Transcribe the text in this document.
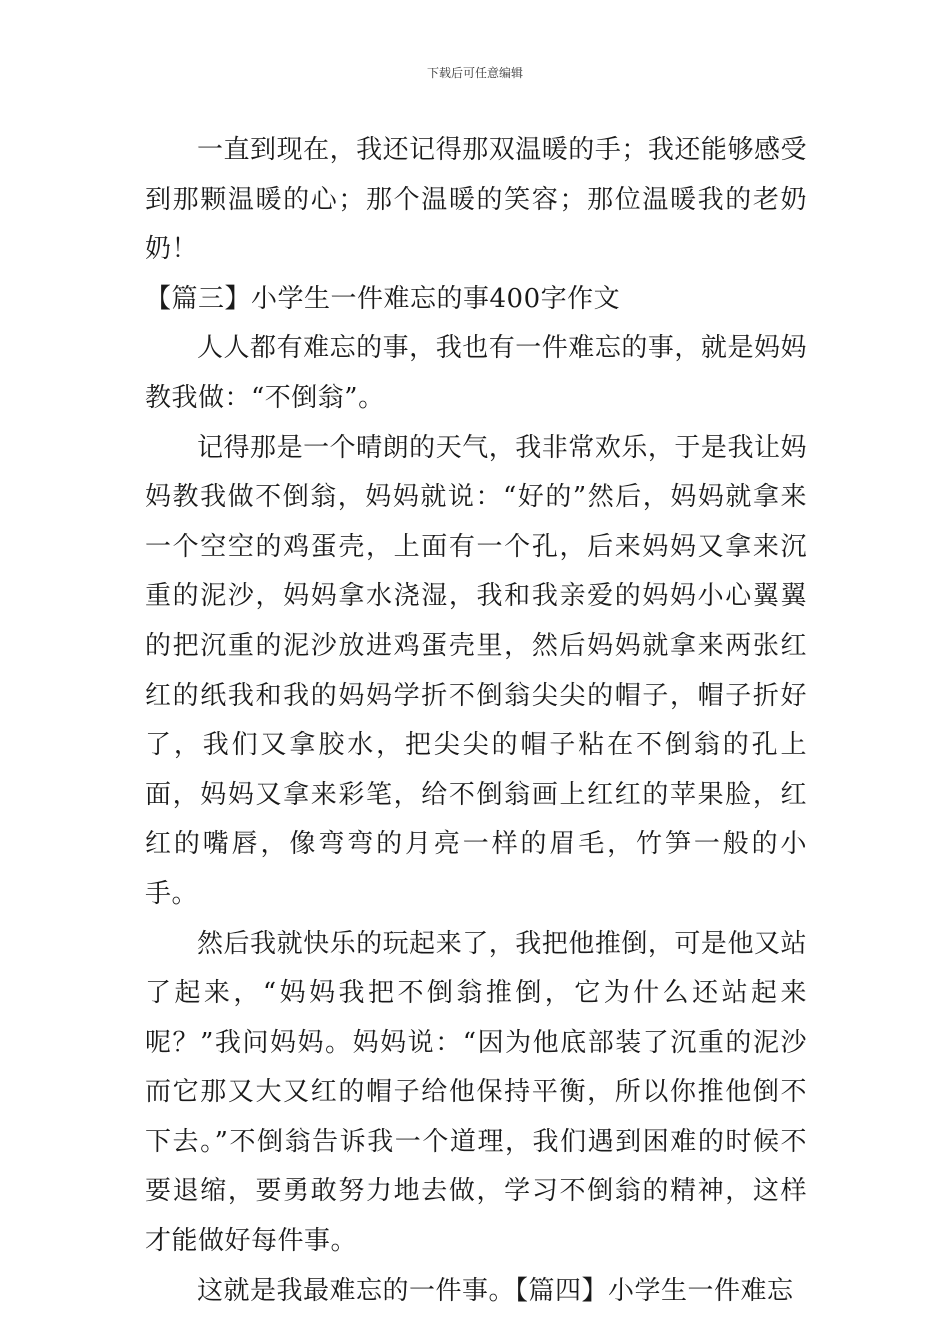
下载后可任意编辑

一直到现在，我还记得那双温暖的手；我还能够感受到那颗温暖的心；那个温暖的笑容；那位温暖我的老奶奶！

【篇三】小学生一件难忘的事400字作文

人人都有难忘的事，我也有一件难忘的事，就是妈妈教我做：“不倒翁”。

记得那是一个晴朗的天气，我非常欢乐，于是我让妈妈教我做不倒翁，妈妈就说：“好的”然后，妈妈就拿来一个空空的鸡蛋壳，上面有一个孔，后来妈妈又拿来沉重的泥沙，妈妈拿水浇湿，我和我亲爱的妈妈小心翼翼的把沉重的泥沙放进鸡蛋壳里，然后妈妈就拿来两张红红的纸我和我的妈妈学折不倒翁尖尖的帽子，帽子折好了，我们又拿胶水，把尖尖的帽子粘在不倒翁的孔上面，妈妈又拿来彩笔，给不倒翁画上红红的苹果脸，红红的嘴唇，像弯弯的月亮一样的眉毛，竹笋一般的小手。

然后我就快乐的玩起来了，我把他推倒，可是他又站了起来，“妈妈我把不倒翁推倒，它为什么还站起来呢？”我问妈妈。妈妈说：“因为他底部装了沉重的泥沙而它那又大又红的帽子给他保持平衡，所以你推他倒不下去。”不倒翁告诉我一个道理，我们遇到困难的时候不要退缩，要勇敢努力地去做，学习不倒翁的精神，这样才能做好每件事。

这就是我最难忘的一件事。【篇四】小学生一件难忘
